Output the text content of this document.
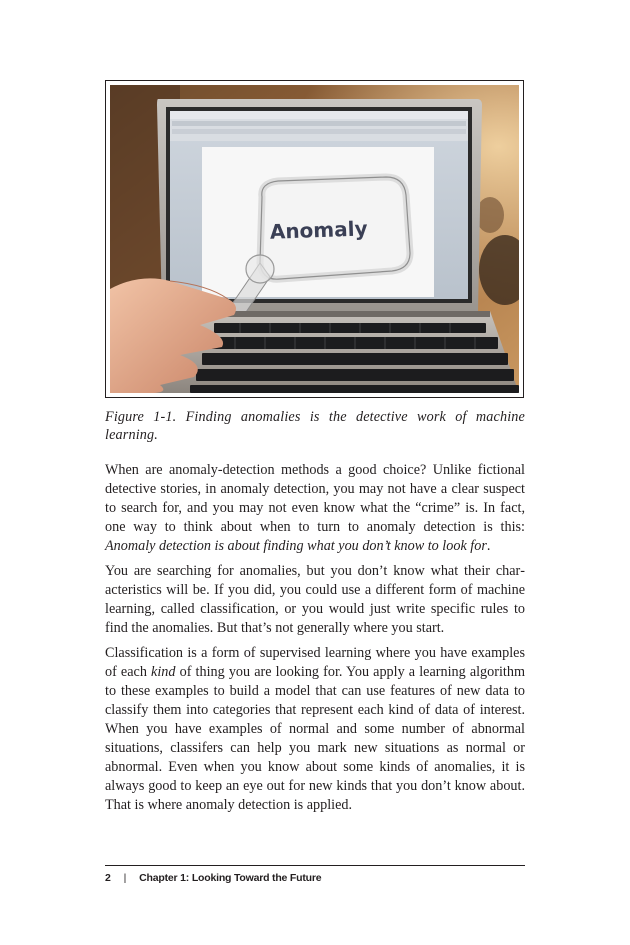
Anomaly

Figure 1-1. Finding anomalies is the detective work of machine learning.

When are anomaly-detection methods a good choice? Unlike fictional detective stories, in anomaly detection, you may not have a clear suspect to search for, and you may not even know what the “crime” is. In fact, one way to think about when to turn to anomaly detection is this: Anomaly detection is about finding what you don’t know to look for.

You are searching for anomalies, but you don’t know what their characteristics will be. If you did, you could use a different form of machine learning, called classification, or you would just write specific rules to find the anomalies. But that’s not generally where you start.

Classification is a form of supervised learning where you have examples of each kind of thing you are looking for. You apply a learning algorithm to these examples to build a model that can use features of new data to classify them into categories that represent each kind of data of interest. When you have examples of normal and some number of abnormal situations, classifers can help you mark new situations as normal or abnormal. Even when you know about some kinds of anomalies, it is always good to keep an eye out for new kinds that you don’t know about. That is where anomaly detection is applied.

2 | Chapter 1: Looking Toward the Future
